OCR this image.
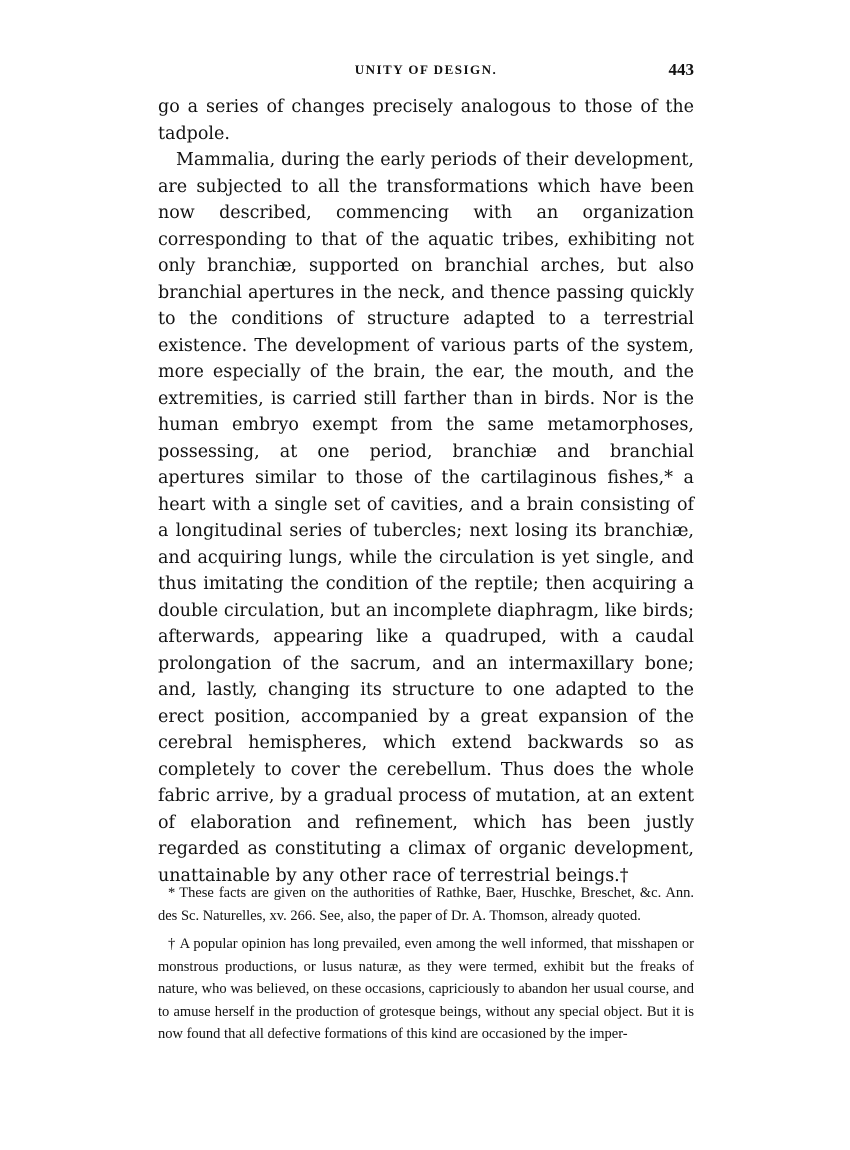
UNITY OF DESIGN.	443

go a series of changes precisely analogous to those of the tadpole.

Mammalia, during the early periods of their development, are subjected to all the transformations which have been now described, commencing with an organization corresponding to that of the aquatic tribes, exhibiting not only branchiæ, supported on branchial arches, but also branchial apertures in the neck, and thence passing quickly to the conditions of structure adapted to a terrestrial existence. The development of various parts of the system, more especially of the brain, the ear, the mouth, and the extremities, is carried still farther than in birds. Nor is the human embryo exempt from the same metamorphoses, possessing, at one period, branchiæ and branchial apertures similar to those of the cartilaginous fishes,* a heart with a single set of cavities, and a brain consisting of a longitudinal series of tubercles; next losing its branchiæ, and acquiring lungs, while the circulation is yet single, and thus imitating the condition of the reptile; then acquiring a double circulation, but an incomplete diaphragm, like birds; afterwards, appearing like a quadruped, with a caudal prolongation of the sacrum, and an intermaxillary bone; and, lastly, changing its structure to one adapted to the erect position, accompanied by a great expansion of the cerebral hemispheres, which extend backwards so as completely to cover the cerebellum. Thus does the whole fabric arrive, by a gradual process of mutation, at an extent of elaboration and refinement, which has been justly regarded as constituting a climax of organic development, unattainable by any other race of terrestrial beings.†

* These facts are given on the authorities of Rathke, Baer, Huschke, Breschet, &c. Ann. des Sc. Naturelles, xv. 266. See, also, the paper of Dr. A. Thomson, already quoted.

† A popular opinion has long prevailed, even among the well informed, that misshapen or monstrous productions, or lusus naturæ, as they were termed, exhibit but the freaks of nature, who was believed, on these occasions, capriciously to abandon her usual course, and to amuse herself in the production of grotesque beings, without any special object. But it is now found that all defective formations of this kind are occasioned by the imper-
